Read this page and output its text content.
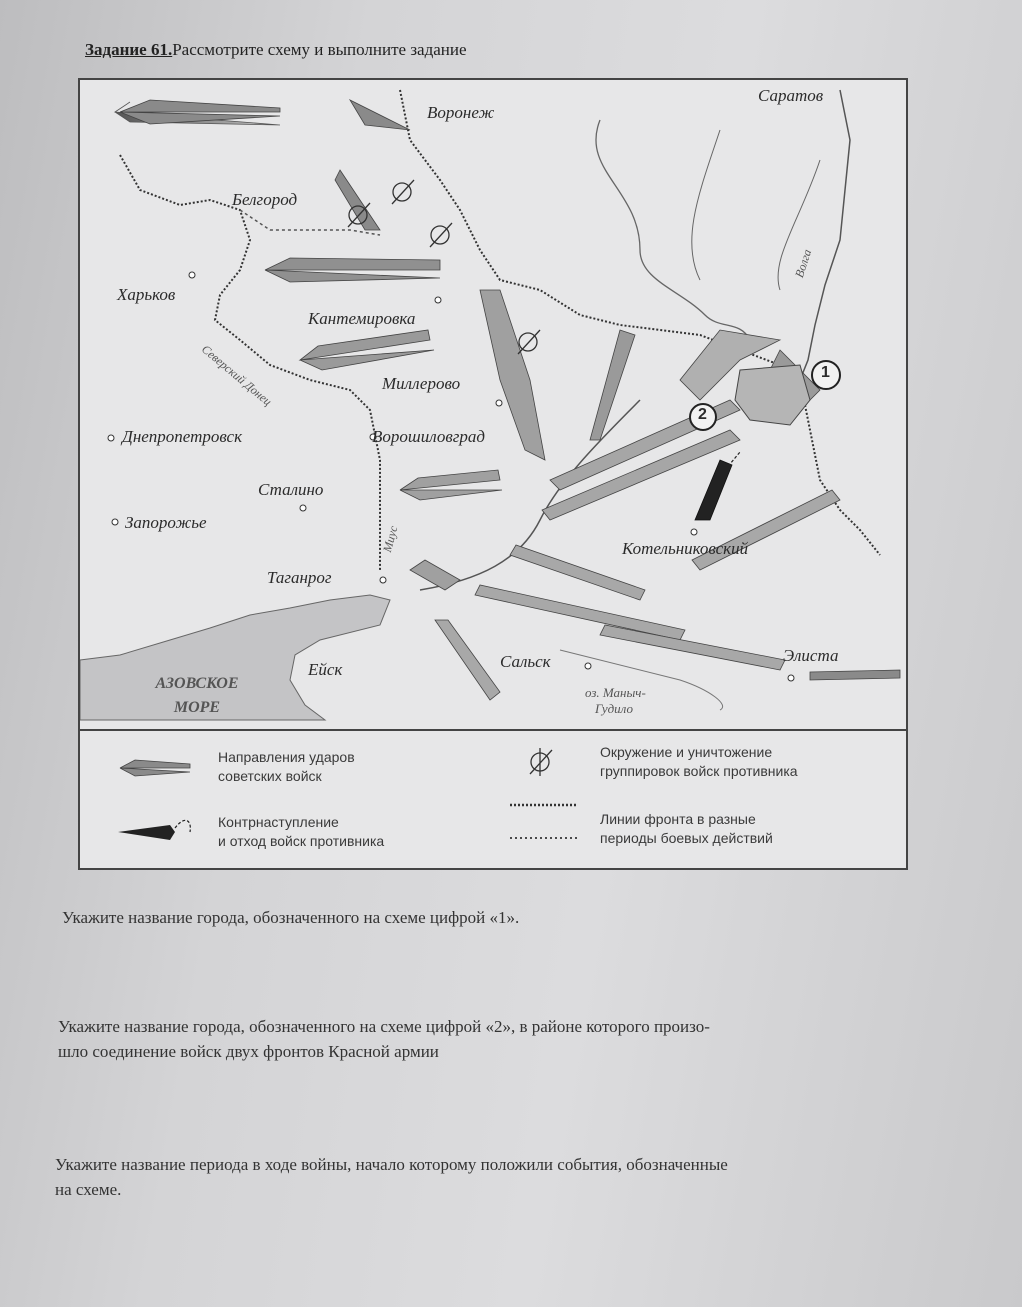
Задание 61.Рассмотрите схему и выполните задание
1
2
Саратов
Воронеж
Белгород
Харьков
Кантемировка
Миллерово
Днепропетровск	Ворошиловград
Сталино
Запорожье
Котельниковский
Таганрог
Ейск	Сальск	Элиста
АЗОВСКОЕ
МОРЕ
Волга
Северский Донец
Миус
оз. Маныч-
Гудило
Направления ударов
советских войск
Окружение и уничтожение
группировок войск противника
Контрнаступление
и отход войск противника
Линии фронта в разные
периоды боевых действий
Укажите название города, обозначенного на схеме цифрой «1».
Укажите название города, обозначенного на схеме цифрой «2», в районе которого произо-
шло соединение войск двух фронтов Красной армии
Укажите название периода в ходе войны, начало которому положили события, обозначенные
на схеме.
